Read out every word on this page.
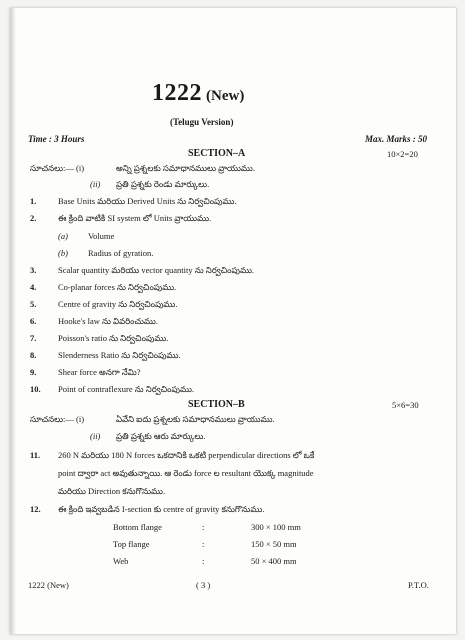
1222 (New)
(Telugu Version)
Time : 3 Hours	Max. Marks : 50
SECTION–A	10×2=20
సూచనలు:— (i)	అన్ని ప్రశ్నలకు సమాధానములు వ్రాయుము.
(ii) ప్రతి ప్రశ్నకు రెండు మార్కులు.
1.	Base Units మరియు Derived Units ను నిర్వచింపుము.
2.	ఈ క్రింది వాటికి SI system లో Units వ్రాయుము.
(a) Volume
(b) Radius of gyration.
3.	Scalar quantity మరియు vector quantity ను నిర్వచింపుము.
4.	Co-planar forces ను నిర్వచింపుము.
5.	Centre of gravity ను నిర్వచింపుము.
6.	Hooke's law ను వివరించుము.
7.	Poisson's ratio ను నిర్వచింపుము.
8.	Slenderness Ratio ను నిర్వచింపుము.
9.	Shear force అనగా నేమి?
10.	Point of contraflexure ను నిర్వచింపుము.
SECTION–B	5×6=30
సూచనలు:— (i)	ఏవేని ఐదు ప్రశ్నలకు సమాధానములు వ్రాయుము.
(ii) ప్రతి ప్రశ్నకు ఆరు మార్కులు.
11.	260 N మరియు 180 N forces ఒకదానికి ఒకటి perpendicular directions లో ఒకే
point ద్వారా act అవుతున్నాయి. ఆ రెండు force ల resultant యొక్క magnitude
మరియు Direction కనుగొనుము.
12.	ఈ క్రింది ఇవ్వబడిన I-section కు centre of gravity కనుగొనుము.
Bottom flange	:	300 × 100 mm
Top flange	:	150 × 50 mm
Web	:	50 × 400 mm
1222 (New)	( 3 )	P.T.O.
